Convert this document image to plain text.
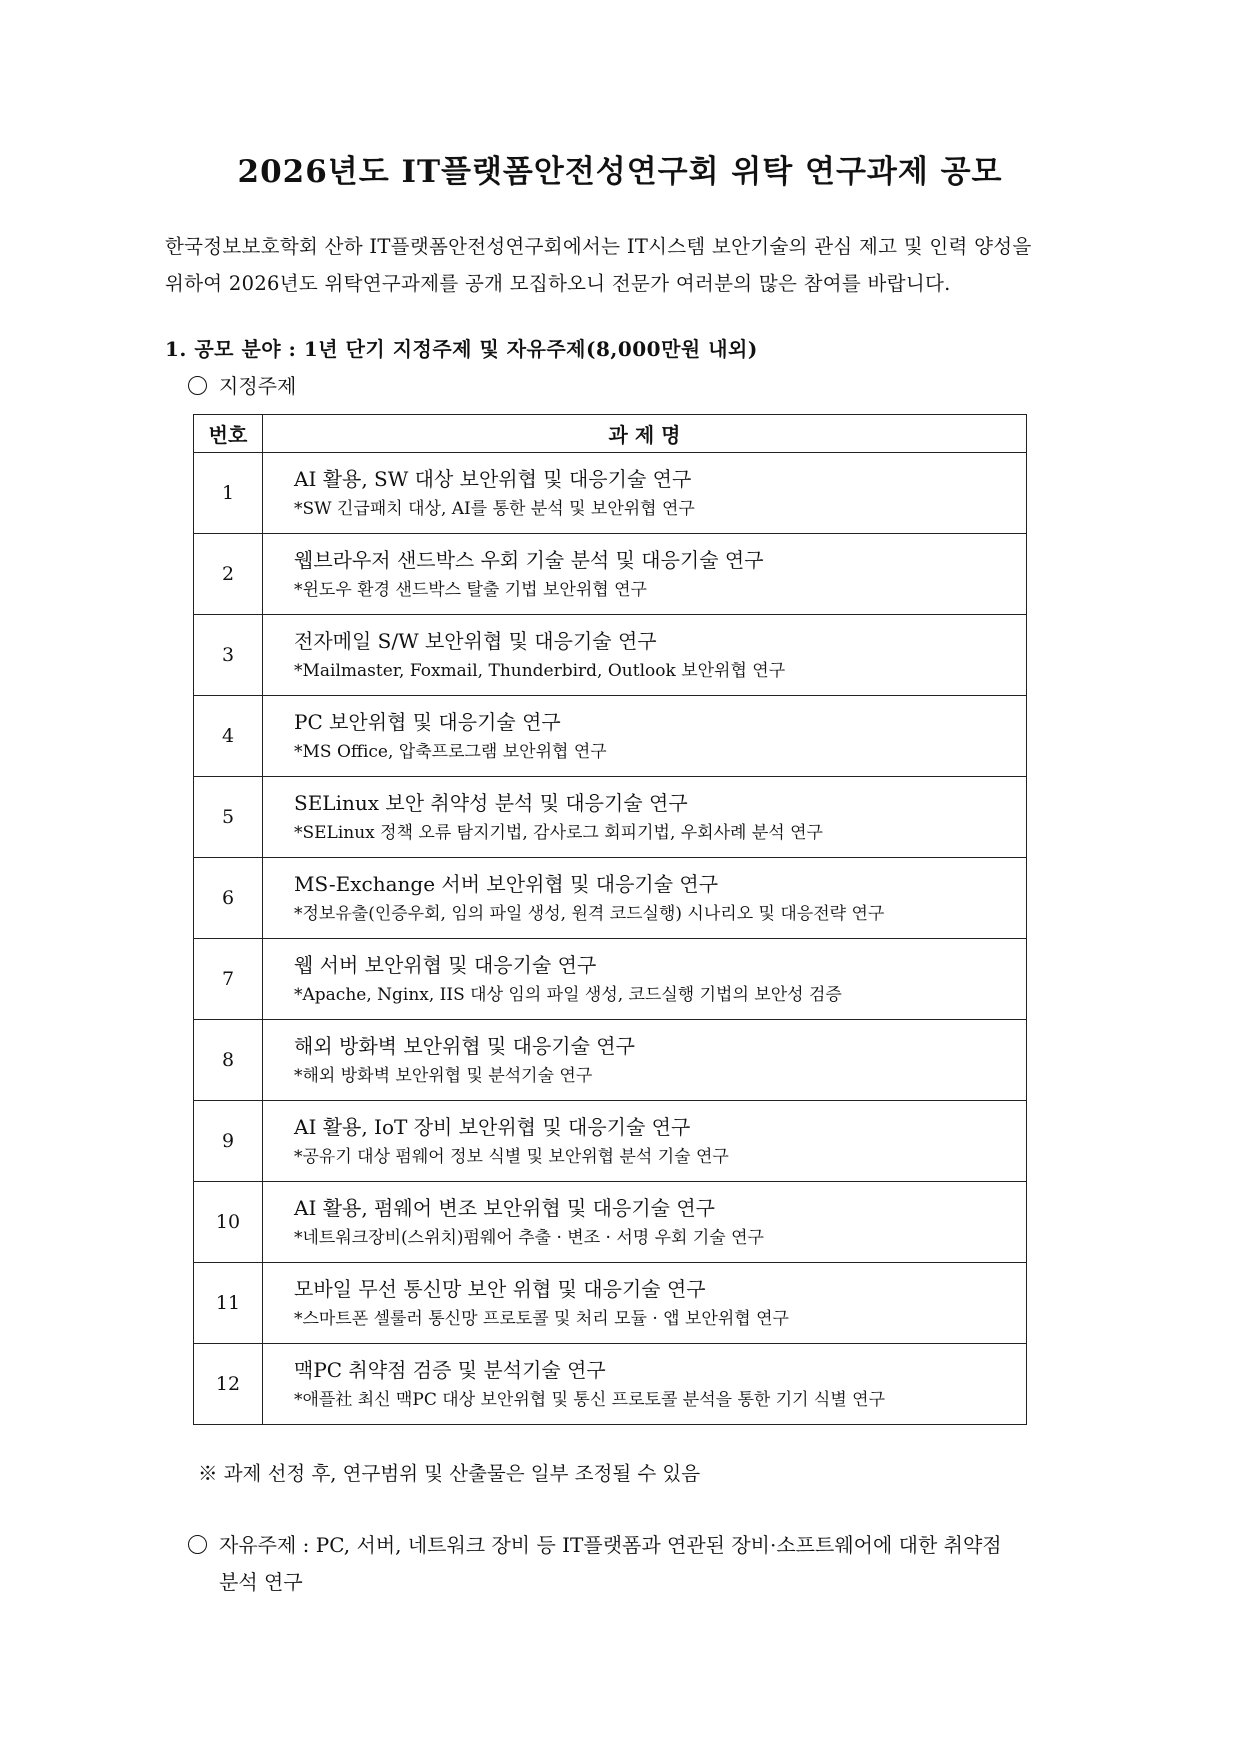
2026년도 IT플랫폼안전성연구회 위탁 연구과제 공모
한국정보보호학회 산하 IT플랫폼안전성연구회에서는 IT시스템 보안기술의 관심 제고 및 인력 양성을
위하여 2026년도 위탁연구과제를 공개 모집하오니 전문가 여러분의 많은 참여를 바랍니다.
1. 공모 분야 : 1년 단기 지정주제 및 자유주제(8,000만원 내외)
지정주제
번호	과 제 명
1	AI 활용, SW 대상 보안위협 및 대응기술 연구
*SW 긴급패치 대상, AI를 통한 분석 및 보안위협 연구

2	웹브라우저 샌드박스 우회 기술 분석 및 대응기술 연구
*윈도우 환경 샌드박스 탈출 기법 보안위협 연구

3	전자메일 S/W 보안위협 및 대응기술 연구
*Mailmaster, Foxmail, Thunderbird, Outlook 보안위협 연구

4	PC 보안위협 및 대응기술 연구
*MS Office, 압축프로그램 보안위협 연구

5	SELinux 보안 취약성 분석 및 대응기술 연구
*SELinux 정책 오류 탐지기법, 감사로그 회피기법, 우회사례 분석 연구

6	MS-Exchange 서버 보안위협 및 대응기술 연구
*정보유출(인증우회, 임의 파일 생성, 원격 코드실행) 시나리오 및 대응전략 연구

7	웹 서버 보안위협 및 대응기술 연구
*Apache, Nginx, IIS 대상 임의 파일 생성, 코드실행 기법의 보안성 검증

8	해외 방화벽 보안위협 및 대응기술 연구
*해외 방화벽 보안위협 및 분석기술 연구

9	AI 활용, IoT 장비 보안위협 및 대응기술 연구
*공유기 대상 펌웨어 정보 식별 및 보안위협 분석 기술 연구

10	AI 활용, 펌웨어 변조 보안위협 및 대응기술 연구
*네트워크장비(스위치)펌웨어 추출 · 변조 · 서명 우회 기술 연구

11	모바일 무선 통신망 보안 위협 및 대응기술 연구
*스마트폰 셀룰러 통신망 프로토콜 및 처리 모듈 · 앱 보안위협 연구

12	맥PC 취약점 검증 및 분석기술 연구
*애플社 최신 맥PC 대상 보안위협 및 통신 프로토콜 분석을 통한 기기 식별 연구
※ 과제 선정 후, 연구범위 및 산출물은 일부 조정될 수 있음
자유주제 : PC, 서버, 네트워크 장비 등 IT플랫폼과 연관된 장비·소프트웨어에 대한 취약점
분석 연구
